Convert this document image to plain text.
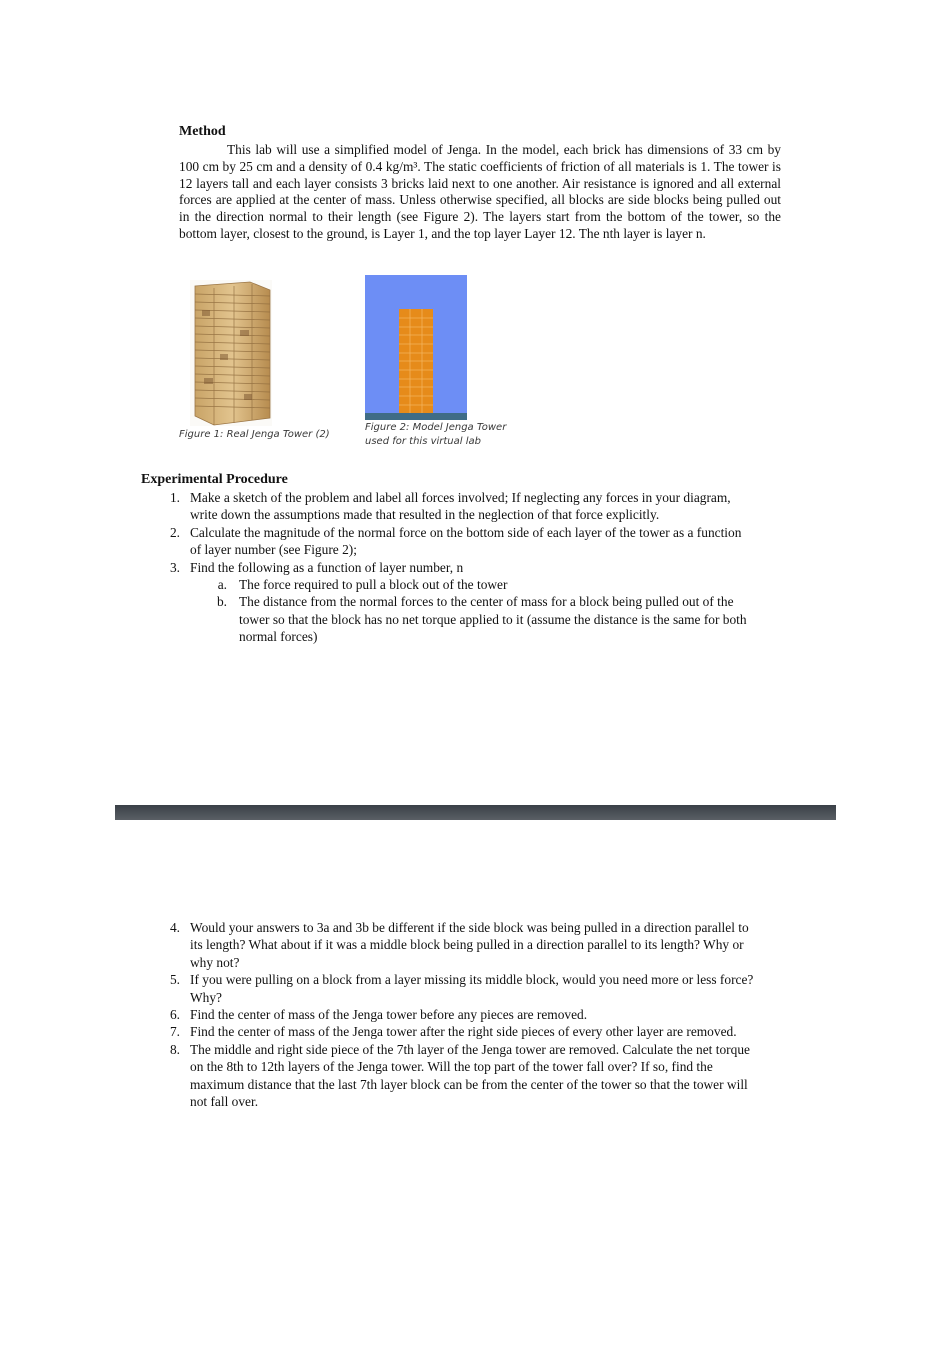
Method

This lab will use a simplified model of Jenga. In the model, each brick has dimensions of 33 cm by 100 cm by 25 cm and a density of 0.4 kg/m³. The static coefficients of friction of all materials is 1. The tower is 12 layers tall and each layer consists 3 bricks laid next to one another. Air resistance is ignored and all external forces are applied at the center of mass. Unless otherwise specified, all blocks are side blocks being pulled out in the direction normal to their length (see Figure 2). The layers start from the bottom of the tower, so the bottom layer, closest to the ground, is Layer 1, and the top layer Layer 12. The nth layer is layer n.

Figure 1: Real Jenga Tower (2)
Figure 2: Model Jenga Tower
used for this virtual lab
Experimental Procedure
1. Make a sketch of the problem and label all forces involved; If neglecting any forces in your diagram, write down the assumptions made that resulted in the neglection of that force explicitly.
2. Calculate the magnitude of the normal force on the bottom side of each layer of the tower as a function of layer number (see Figure 2);
3. Find the following as a function of layer number, n
a. The force required to pull a block out of the tower
b. The distance from the normal forces to the center of mass for a block being pulled out of the tower so that the block has no net torque applied to it (assume the distance is the same for both normal forces)
4. Would your answers to 3a and 3b be different if the side block was being pulled in a direction parallel to its length? What about if it was a middle block being pulled in a direction parallel to its length? Why or why not?
5. If you were pulling on a block from a layer missing its middle block, would you need more or less force? Why?
6. Find the center of mass of the Jenga tower before any pieces are removed.
7. Find the center of mass of the Jenga tower after the right side pieces of every other layer are removed.
8. The middle and right side piece of the 7th layer of the Jenga tower are removed. Calculate the net torque on the 8th to 12th layers of the Jenga tower. Will the top part of the tower fall over? If so, find the maximum distance that the last 7th layer block can be from the center of the tower so that the tower will not fall over.
